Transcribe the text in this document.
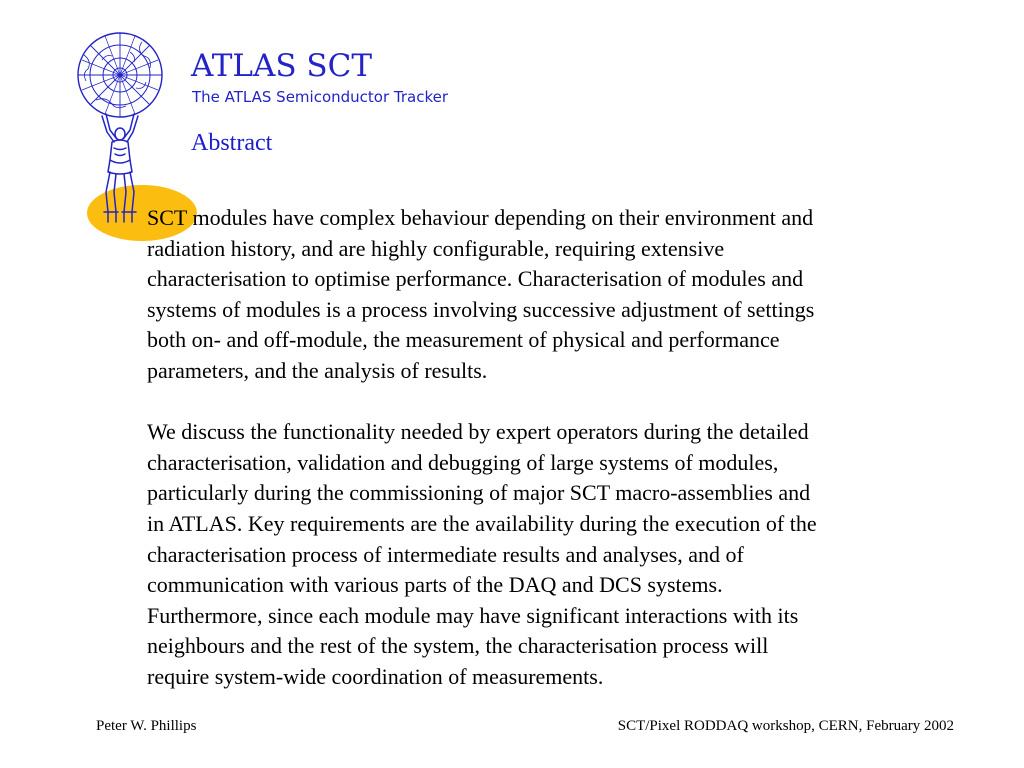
ATLAS SCT
The ATLAS Semiconductor Tracker
Abstract

SCT modules have complex behaviour depending on their environment and
radiation history, and are highly configurable, requiring extensive
characterisation to optimise performance. Characterisation of modules and
systems of modules is a process involving successive adjustment of settings
both on- and off-module, the measurement of physical and performance
parameters, and the analysis of results.

We discuss the functionality needed by expert operators during the detailed
characterisation, validation and debugging of large systems of modules,
particularly during the commissioning of major SCT macro-assemblies and
in ATLAS. Key requirements are the availability during the execution of the
characterisation process of intermediate results and analyses, and of
communication with various parts of the DAQ and DCS systems.
Furthermore, since each module may have significant interactions with its
neighbours and the rest of the system, the characterisation process will
require system-wide coordination of measurements.

Peter W. Phillips	SCT/Pixel RODDAQ workshop, CERN, February 2002
